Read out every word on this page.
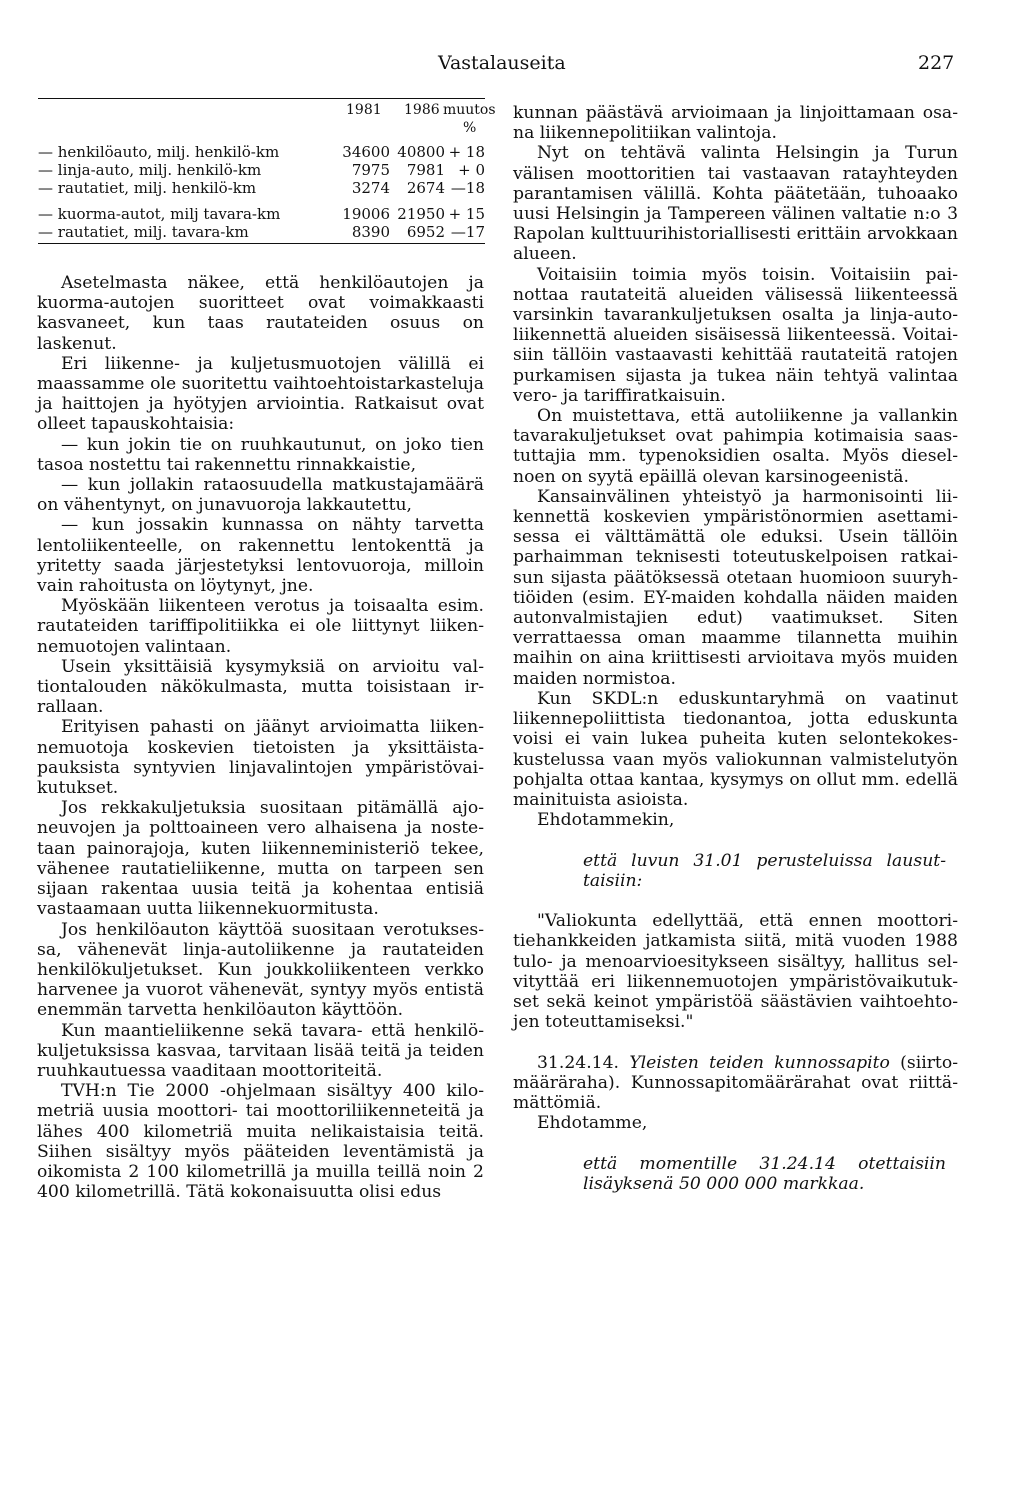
Vastalauseita	227
1981 1986 muutos
%
— henkilöauto, milj. henkilö-km	34600 40800 + 18
— linja-auto, milj. henkilö-km	7975	7981 + 0
— rautatiet, milj. henkilö-km	3274	2674 —18
— kuorma-autot, milj tavara-km	19006 21950 + 15
— rautatiet, milj. tavara-km	8390	6952 —17

Asetelmasta näkee, että henkilöautojen ja kuorma-autojen suoritteet ovat voimakkaasti kasvaneet, kun taas rautateiden osuus on laskenut.

Eri liikenne- ja kuljetusmuotojen välillä ei maassamme ole suoritettu vaihtoehtoistarkasteluja ja haittojen ja hyötyjen arviointia. Ratkaisut ovat olleet tapauskohtaisia:

— kun jokin tie on ruuhkautunut, on joko tien tasoa nostettu tai rakennettu rinnakkaistie,

— kun jollakin rataosuudella matkustajamäärä on vähentynyt, on junavuoroja lakkautettu,

— kun jossakin kunnassa on nähty tarvetta lentoliikenteelle, on rakennettu lentokenttä ja yritetty saada järjestetyksi lentovuoroja, milloin vain rahoitusta on löytynyt, jne.

Myöskään liikenteen verotus ja toisaalta esim. rautateiden tariffipolitiikka ei ole liittynyt liikennemuotojen valintaan.

Usein yksittäisiä kysymyksiä on arvioitu valtiontalouden näkökulmasta, mutta toisistaan irrallaan.

Erityisen pahasti on jäänyt arvioimatta liikennemuotoja koskevien tietoisten ja yksittäistapauksista syntyvien linjavalintojen ympäristövaikutukset.

Jos rekkakuljetuksia suositaan pitämällä ajoneuvojen ja polttoaineen vero alhaisena ja nostetaan painorajoja, kuten liikenneministeriö tekee, vähenee rautatieliikenne, mutta on tarpeen sen sijaan rakentaa uusia teitä ja kohentaa entisiä vastaamaan uutta liikennekuormitusta.

Jos henkilöauton käyttöä suositaan verotuksessa, vähenevät linja-autoliikenne ja rautateiden henkilökuljetukset. Kun joukkoliikenteen verkko harvenee ja vuorot vähenevät, syntyy myös entistä enemmän tarvetta henkilöauton käyttöön.

Kun maantieliikenne sekä tavara- että henkilökuljetuksissa kasvaa, tarvitaan lisää teitä ja teiden ruuhkautuessa vaaditaan moottoriteitä.

TVH:n Tie 2000 -ohjelmaan sisältyy 400 kilometriä uusia moottori- tai moottoriliikenneteitä ja lähes 400 kilometriä muita nelikaistaisia teitä. Siihen sisältyy myös pääteiden leventämistä ja oikomista 2 100 kilometrillä ja muilla teillä noin 2 400 kilometrillä. Tätä kokonaisuutta olisi edus

kunnan päästävä arvioimaan ja linjoittamaan osana liikennepolitiikan valintoja.

Nyt on tehtävä valinta Helsingin ja Turun välisen moottoritien tai vastaavan ratayhteyden parantamisen välillä. Kohta päätetään, tuhoaako uusi Helsingin ja Tampereen välinen valtatie n:o 3 Rapolan kulttuurihistoriallisesti erittäin arvokkaan alueen.

Voitaisiin toimia myös toisin. Voitaisiin painottaa rautateitä alueiden välisessä liikenteessä varsinkin tavarankuljetuksen osalta ja linja-autoliikennettä alueiden sisäisessä liikenteessä. Voitaisiin tällöin vastaavasti kehittää rautateitä ratojen purkamisen sijasta ja tukea näin tehtyä valintaa vero- ja tariffiratkaisuin.

On muistettava, että autoliikenne ja vallankin tavarakuljetukset ovat pahimpia kotimaisia saastuttajia mm. typenoksidien osalta. Myös dieselnoen on syytä epäillä olevan karsinogeenistä.

Kansainvälinen yhteistyö ja harmonisointi liikennettä koskevien ympäristönormien asettamisessa ei välttämättä ole eduksi. Usein tällöin parhaimman teknisesti toteutuskelpoisen ratkaisun sijasta päätöksessä otetaan huomioon suuryhtiöiden (esim. EY-maiden kohdalla näiden maiden autonvalmistajien edut) vaatimukset. Siten verrattaessa oman maamme tilannetta muihin maihin on aina kriittisesti arvioitava myös muiden maiden normistoa.

Kun SKDL:n eduskuntaryhmä on vaatinut liikennepoliittista tiedonantoa, jotta eduskunta voisi ei vain lukea puheita kuten selontekokeskustelussa vaan myös valiokunnan valmistelutyön pohjalta ottaa kantaa, kysymys on ollut mm. edellä mainituista asioista.

Ehdotammekin,

että luvun 31.01 perusteluissa lausuttaisiin:

"Valiokunta edellyttää, että ennen moottoritiehankkeiden jatkamista siitä, mitä vuoden 1988 tulo- ja menoarvioesitykseen sisältyy, hallitus selvityttää eri liikennemuotojen ympäristövaikutukset sekä keinot ympäristöä säästävien vaihtoehtojen toteuttamiseksi."

31.24.14. Yleisten teiden kunnossapito (siirtomääräraha). Kunnossapitomäärärahat ovat riittämättömiä.

Ehdotamme,

että momentille 31.24.14 otettaisiin lisäyksenä 50 000 000 markkaa.
